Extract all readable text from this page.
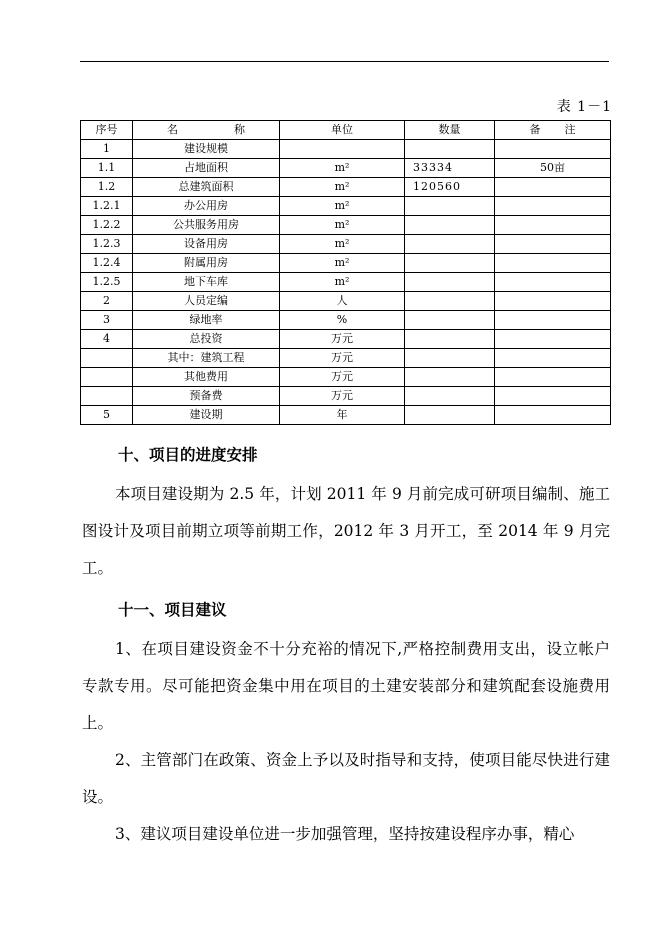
表 1－1
序号	名 称	单位	数量	备 注
1	建设规模			
1.1	占地面积	m²	33334	50亩
1.2	总建筑面积	m²	120560	
1.2.1	办公用房	m²		
1.2.2	公共服务用房	m²		
1.2.3	设备用房	m²		
1.2.4	附属用房	m²		
1.2.5	地下车库	m²		
2	人员定编	人		
3	绿地率	%		
4	总投资	万元		
	其中：建筑工程	万元		
	其他费用	万元		
	预备费	万元		
5	建设期	年		
十、项目的进度安排

本项目建设期为 2.5 年，计划 2011 年 9 月前完成可研项目编制、施工图设计及项目前期立项等前期工作，2012 年 3 月开工，至 2014 年 9 月完工。

十一、项目建议

1、在项目建设资金不十分充裕的情况下,严格控制费用支出，设立帐户专款专用。尽可能把资金集中用在项目的土建安装部分和建筑配套设施费用上。

2、主管部门在政策、资金上予以及时指导和支持，使项目能尽快进行建设。

3、建议项目建设单位进一步加强管理，坚持按建设程序办事，精心
